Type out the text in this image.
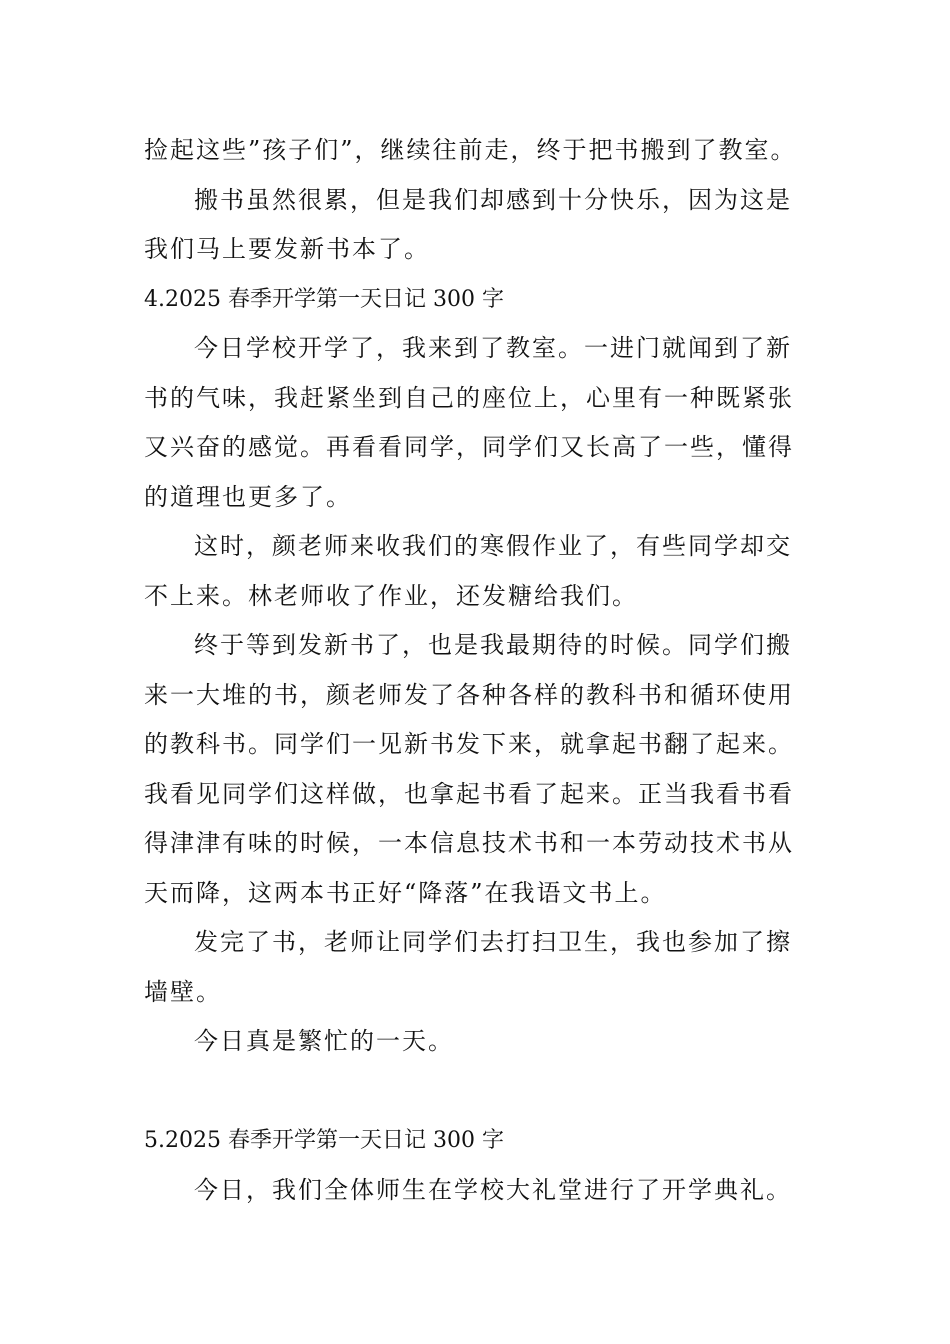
捡起这些”孩子们”，继续往前走，终于把书搬到了教室。

搬书虽然很累，但是我们却感到十分快乐，因为这是

我们马上要发新书本了。

4.2025 春季开学第一天日记 300 字

今日学校开学了，我来到了教室。一进门就闻到了新

书的气味，我赶紧坐到自己的座位上，心里有一种既紧张

又兴奋的感觉。再看看同学，同学们又长高了一些，懂得

的道理也更多了。

这时，颜老师来收我们的寒假作业了，有些同学却交

不上来。林老师收了作业，还发糖给我们。

终于等到发新书了，也是我最期待的时候。同学们搬

来一大堆的书，颜老师发了各种各样的教科书和循环使用

的教科书。同学们一见新书发下来，就拿起书翻了起来。

我看见同学们这样做，也拿起书看了起来。正当我看书看

得津津有味的时候，一本信息技术书和一本劳动技术书从

天而降，这两本书正好“降落”在我语文书上。

发完了书，老师让同学们去打扫卫生，我也参加了擦

墙壁。

今日真是繁忙的一天。

5.2025 春季开学第一天日记 300 字

今日，我们全体师生在学校大礼堂进行了开学典礼。
